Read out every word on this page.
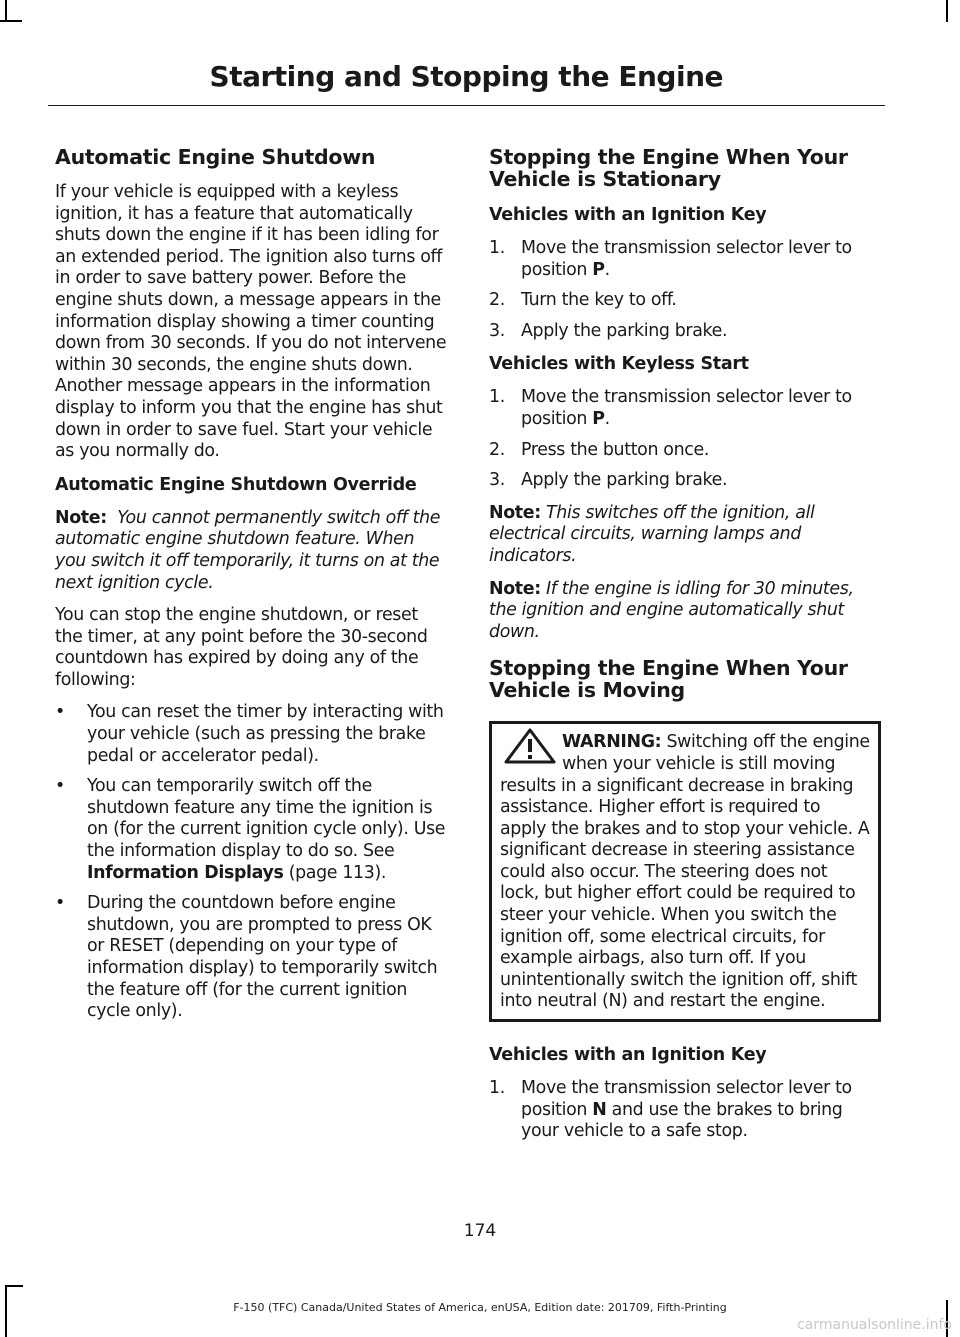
Starting and Stopping the Engine
Automatic Engine Shutdown

If your vehicle is equipped with a keyless ignition, it has a feature that automatically shuts down the engine if it has been idling for an extended period. The ignition also turns off in order to save battery power. Before the engine shuts down, a message appears in the information display showing a timer counting down from 30 seconds. If you do not intervene within 30 seconds, the engine shuts down. Another message appears in the information display to inform you that the engine has shut down in order to save fuel. Start your vehicle as you normally do.

Automatic Engine Shutdown Override

Note: You cannot permanently switch off the automatic engine shutdown feature. When you switch it off temporarily, it turns on at the next ignition cycle.

You can stop the engine shutdown, or reset the timer, at any point before the 30-second countdown has expired by doing any of the following:

• You can reset the timer by interacting with your vehicle (such as pressing the brake pedal or accelerator pedal).
• You can temporarily switch off the shutdown feature any time the ignition is on (for the current ignition cycle only). Use the information display to do so. See Information Displays (page 113).
• During the countdown before engine shutdown, you are prompted to press OK or RESET (depending on your type of information display) to temporarily switch the feature off (for the current ignition cycle only).
Stopping the Engine When Your Vehicle is Stationary
Vehicles with an Ignition Key
1. Move the transmission selector lever to position P.
2. Turn the key to off.
3. Apply the parking brake.
Vehicles with Keyless Start
1. Move the transmission selector lever to position P.
2. Press the button once.
3. Apply the parking brake.

Note: This switches off the ignition, all electrical circuits, warning lamps and indicators.

Note: If the engine is idling for 30 minutes, the ignition and engine automatically shut down.

Stopping the Engine When Your Vehicle is Moving
WARNING: Switching off the engine when your vehicle is still moving results in a significant decrease in braking assistance. Higher effort is required to apply the brakes and to stop your vehicle. A significant decrease in steering assistance could also occur. The steering does not lock, but higher effort could be required to steer your vehicle. When you switch the ignition off, some electrical circuits, for example airbags, also turn off. If you unintentionally switch the ignition off, shift into neutral (N) and restart the engine.
Vehicles with an Ignition Key
1. Move the transmission selector lever to position N and use the brakes to bring your vehicle to a safe stop.

174

F-150 (TFC) Canada/United States of America, enUSA, Edition date: 201709, Fifth-Printing

carmanualsonline.info
